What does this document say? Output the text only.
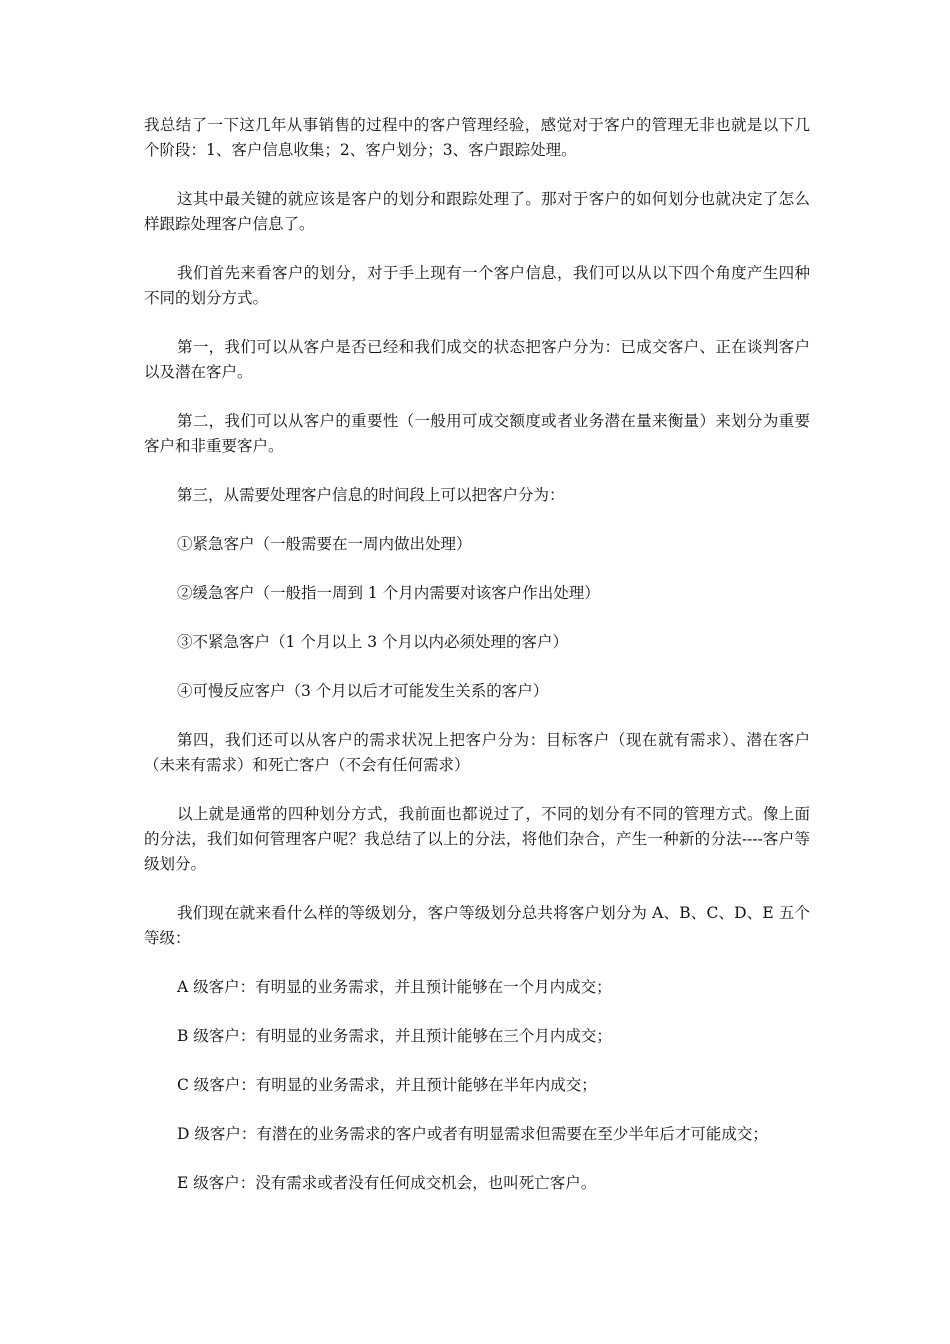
我总结了一下这几年从事销售的过程中的客户管理经验，感觉对于客户的管理无非也就是以下几个阶段：1、客户信息收集；2、客户划分；3、客户跟踪处理。

这其中最关键的就应该是客户的划分和跟踪处理了。那对于客户的如何划分也就决定了怎么样跟踪处理客户信息了。

我们首先来看客户的划分，对于手上现有一个客户信息，我们可以从以下四个角度产生四种不同的划分方式。

第一，我们可以从客户是否已经和我们成交的状态把客户分为：已成交客户、正在谈判客户以及潜在客户。

第二，我们可以从客户的重要性（一般用可成交额度或者业务潜在量来衡量）来划分为重要客户和非重要客户。

第三，从需要处理客户信息的时间段上可以把客户分为：

①紧急客户（一般需要在一周内做出处理）

②缓急客户（一般指一周到 1 个月内需要对该客户作出处理）

③不紧急客户（1 个月以上 3 个月以内必须处理的客户）

④可慢反应客户（3 个月以后才可能发生关系的客户）

第四，我们还可以从客户的需求状况上把客户分为：目标客户（现在就有需求）、潜在客户（未来有需求）和死亡客户（不会有任何需求）

以上就是通常的四种划分方式，我前面也都说过了，不同的划分有不同的管理方式。像上面的分法，我们如何管理客户呢？我总结了以上的分法，将他们杂合，产生一种新的分法----客户等级划分。

我们现在就来看什么样的等级划分，客户等级划分总共将客户划分为 A、B、C、D、E 五个等级：

A 级客户：有明显的业务需求，并且预计能够在一个月内成交；

B 级客户：有明显的业务需求，并且预计能够在三个月内成交；

C 级客户：有明显的业务需求，并且预计能够在半年内成交；

D 级客户：有潜在的业务需求的客户或者有明显需求但需要在至少半年后才可能成交；

E 级客户：没有需求或者没有任何成交机会，也叫死亡客户。
